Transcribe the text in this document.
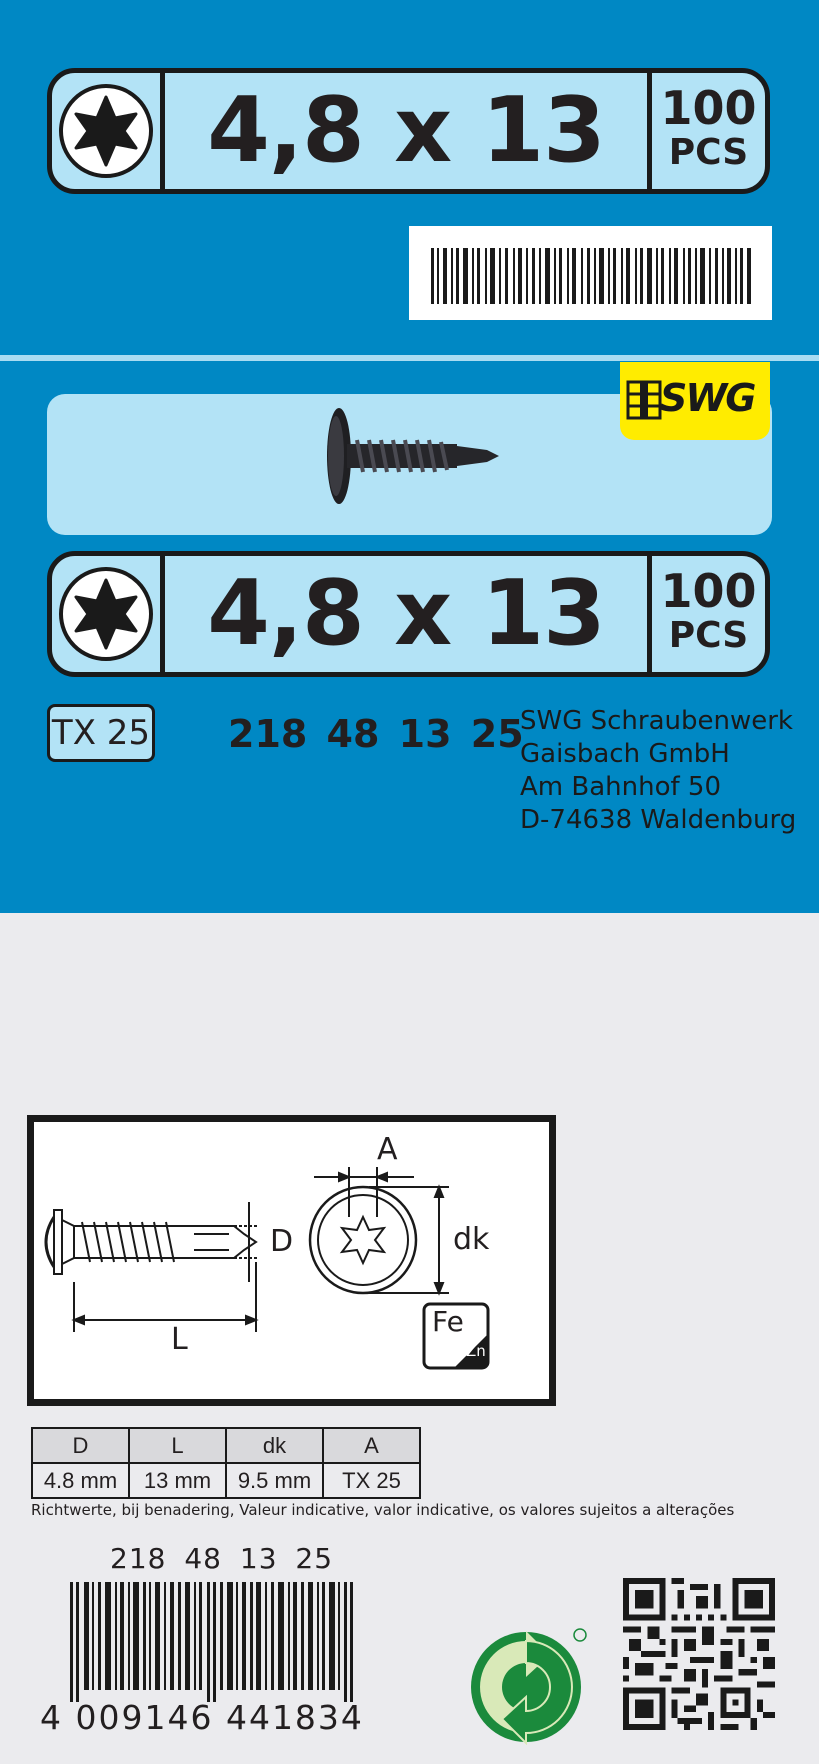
4,8 x 13	100
PCS
SWG
4,8 x 13	100
PCS
TX 25 218 48 13 25
SWG Schraubenwerk
Gaisbach GmbH
Am Bahnhof 50
D-74638 Waldenburg
A
D	dk
L
Fe
Zn
D	L	dk	A
4.8 mm	13 mm	9.5 mm	TX 25
Richtwerte, bij benadering, Valeur indicative, valor indicative, os valores sujeitos a alterações
218 48 13 25
4 009146 441834
